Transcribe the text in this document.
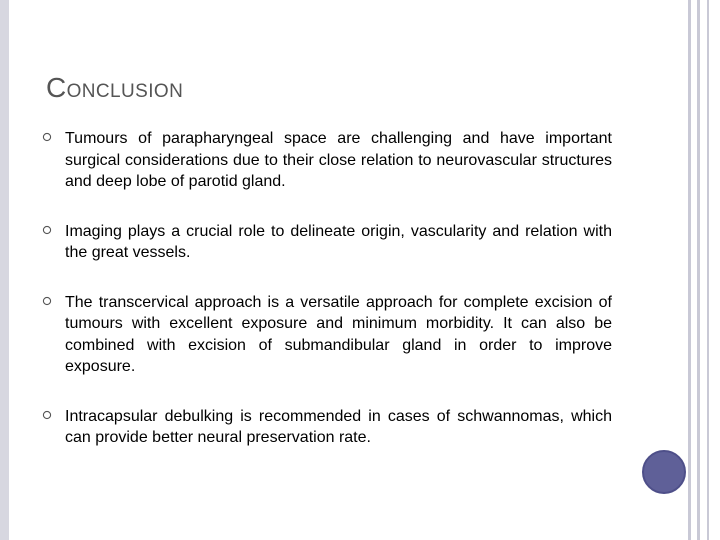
CONCLUSION

Tumours of parapharyngeal space are challenging and have important surgical considerations due to their close relation to neurovascular structures and deep lobe of parotid gland.

Imaging plays a crucial role to delineate origin, vascularity and relation with the great vessels.

The transcervical approach is a versatile approach for complete excision of tumours with excellent exposure and minimum morbidity. It can also be combined with excision of submandibular gland in order to improve exposure.

Intracapsular debulking is recommended in cases of schwannomas, which can provide better neural preservation rate.
